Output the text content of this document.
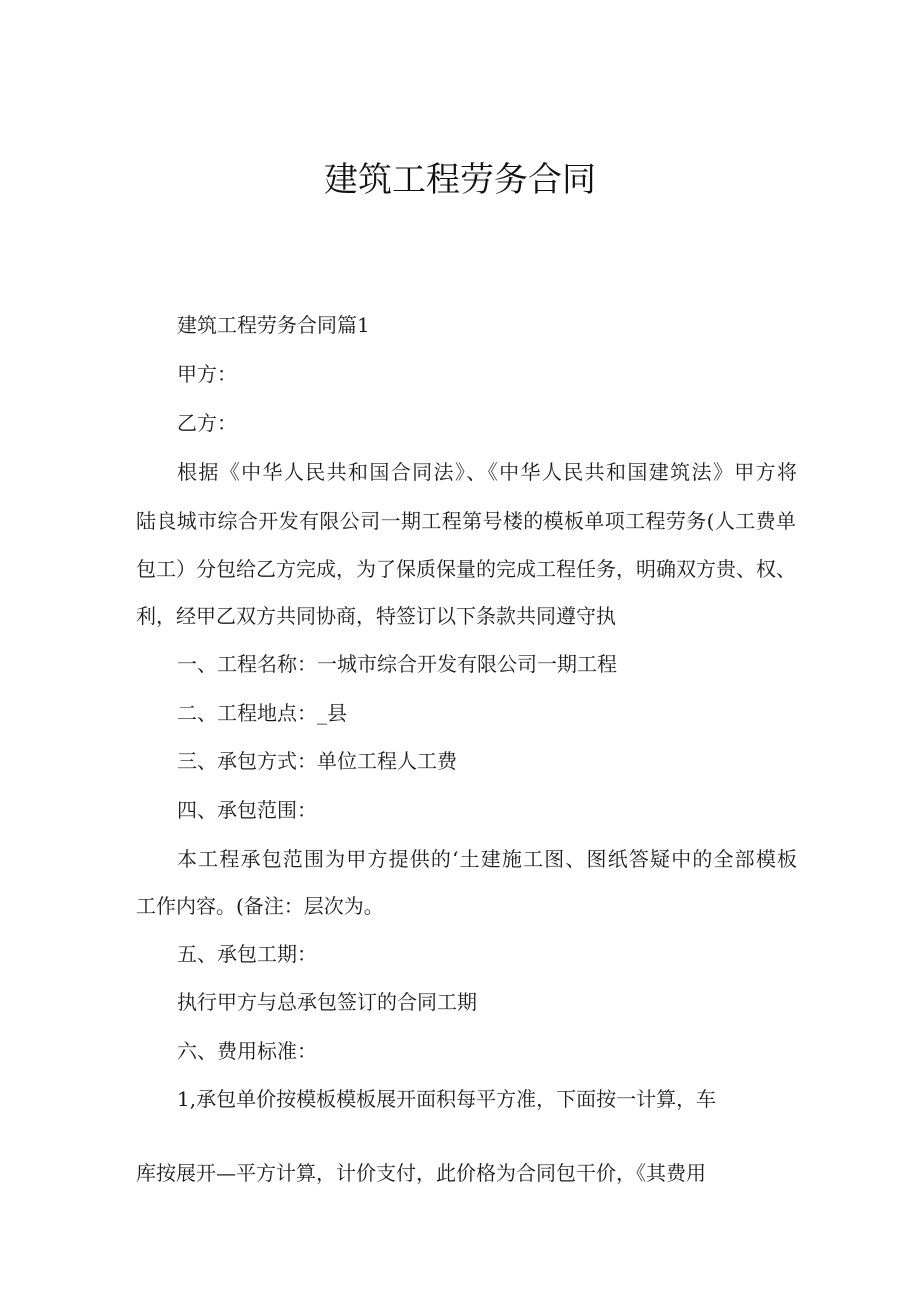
建筑工程劳务合同
建筑工程劳务合同篇1
甲方：
乙方：
根据《中华人民共和国合同法》、《中华人民共和国建筑法》甲方将
陆良城市综合开发有限公司一期工程第号楼的模板单项工程劳务(人工费单
包工）分包给乙方完成，为了保质保量的完成工程任务，明确双方贵、权、
利，经甲乙双方共同协商，特签订以下条款共同遵守执
一、工程名称：一城市综合开发有限公司一期工程
二、工程地点：_县
三、承包方式：单位工程人工费
四、承包范围：
本工程承包范围为甲方提供的‘土建施工图、图纸答疑中的全部模板
工作内容。(备注：层次为。
五、承包工期：
执行甲方与总承包签订的合同工期
六、费用标准：
1,承包单价按模板模板展开面积每平方准，下面按一计算，车
库按展开—平方计算，计价支付，此价格为合同包干价，《其费用
